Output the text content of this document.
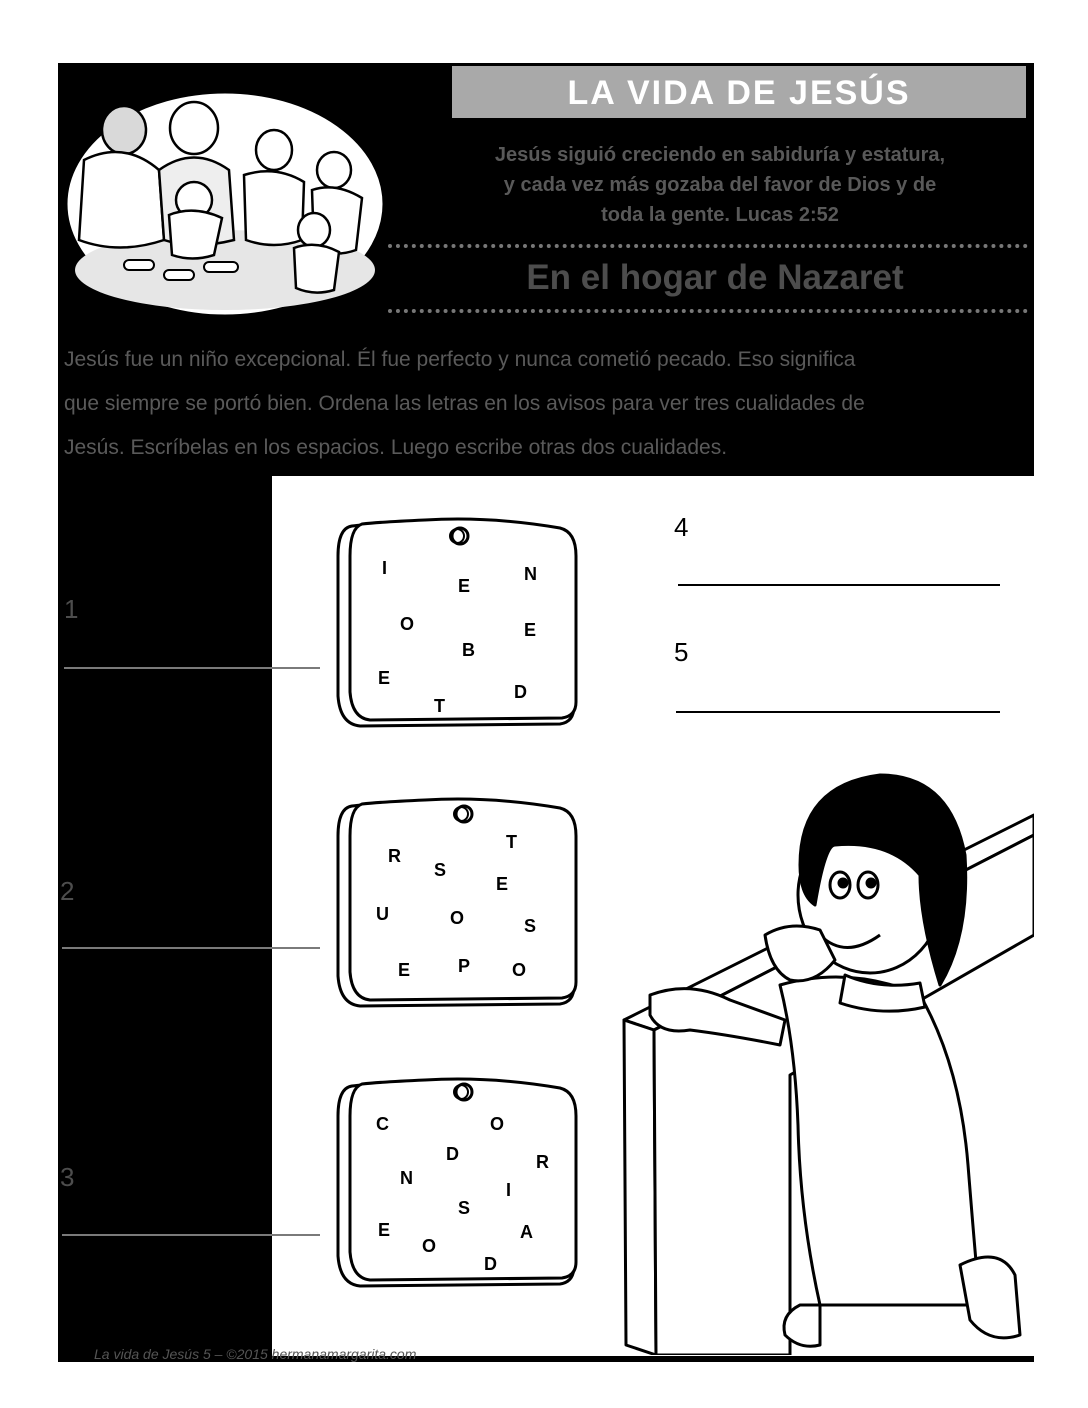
LA VIDA DE JESÚS
Jesús siguió creciendo en sabiduría y estatura,
y cada vez más gozaba del favor de Dios y de
toda la gente. Lucas 2:52
En el hogar de Nazaret
Jesús fue un niño excepcional. Él fue perfecto y nunca cometió pecado. Eso significa
que siempre se portó bien. Ordena las letras en los avisos para ver tres cualidades de
Jesús. Escríbelas en los espacios. Luego escribe otras dos cualidades.
1
2
3
4
5
I
E
N
O	E
B
E
D
T
R
S
T
E
U	O	S
E	P O
C	O
D	R
N
I
S
E	A
O
D
La vida de Jesús 5 – ©2015 hermanamargarita.com
